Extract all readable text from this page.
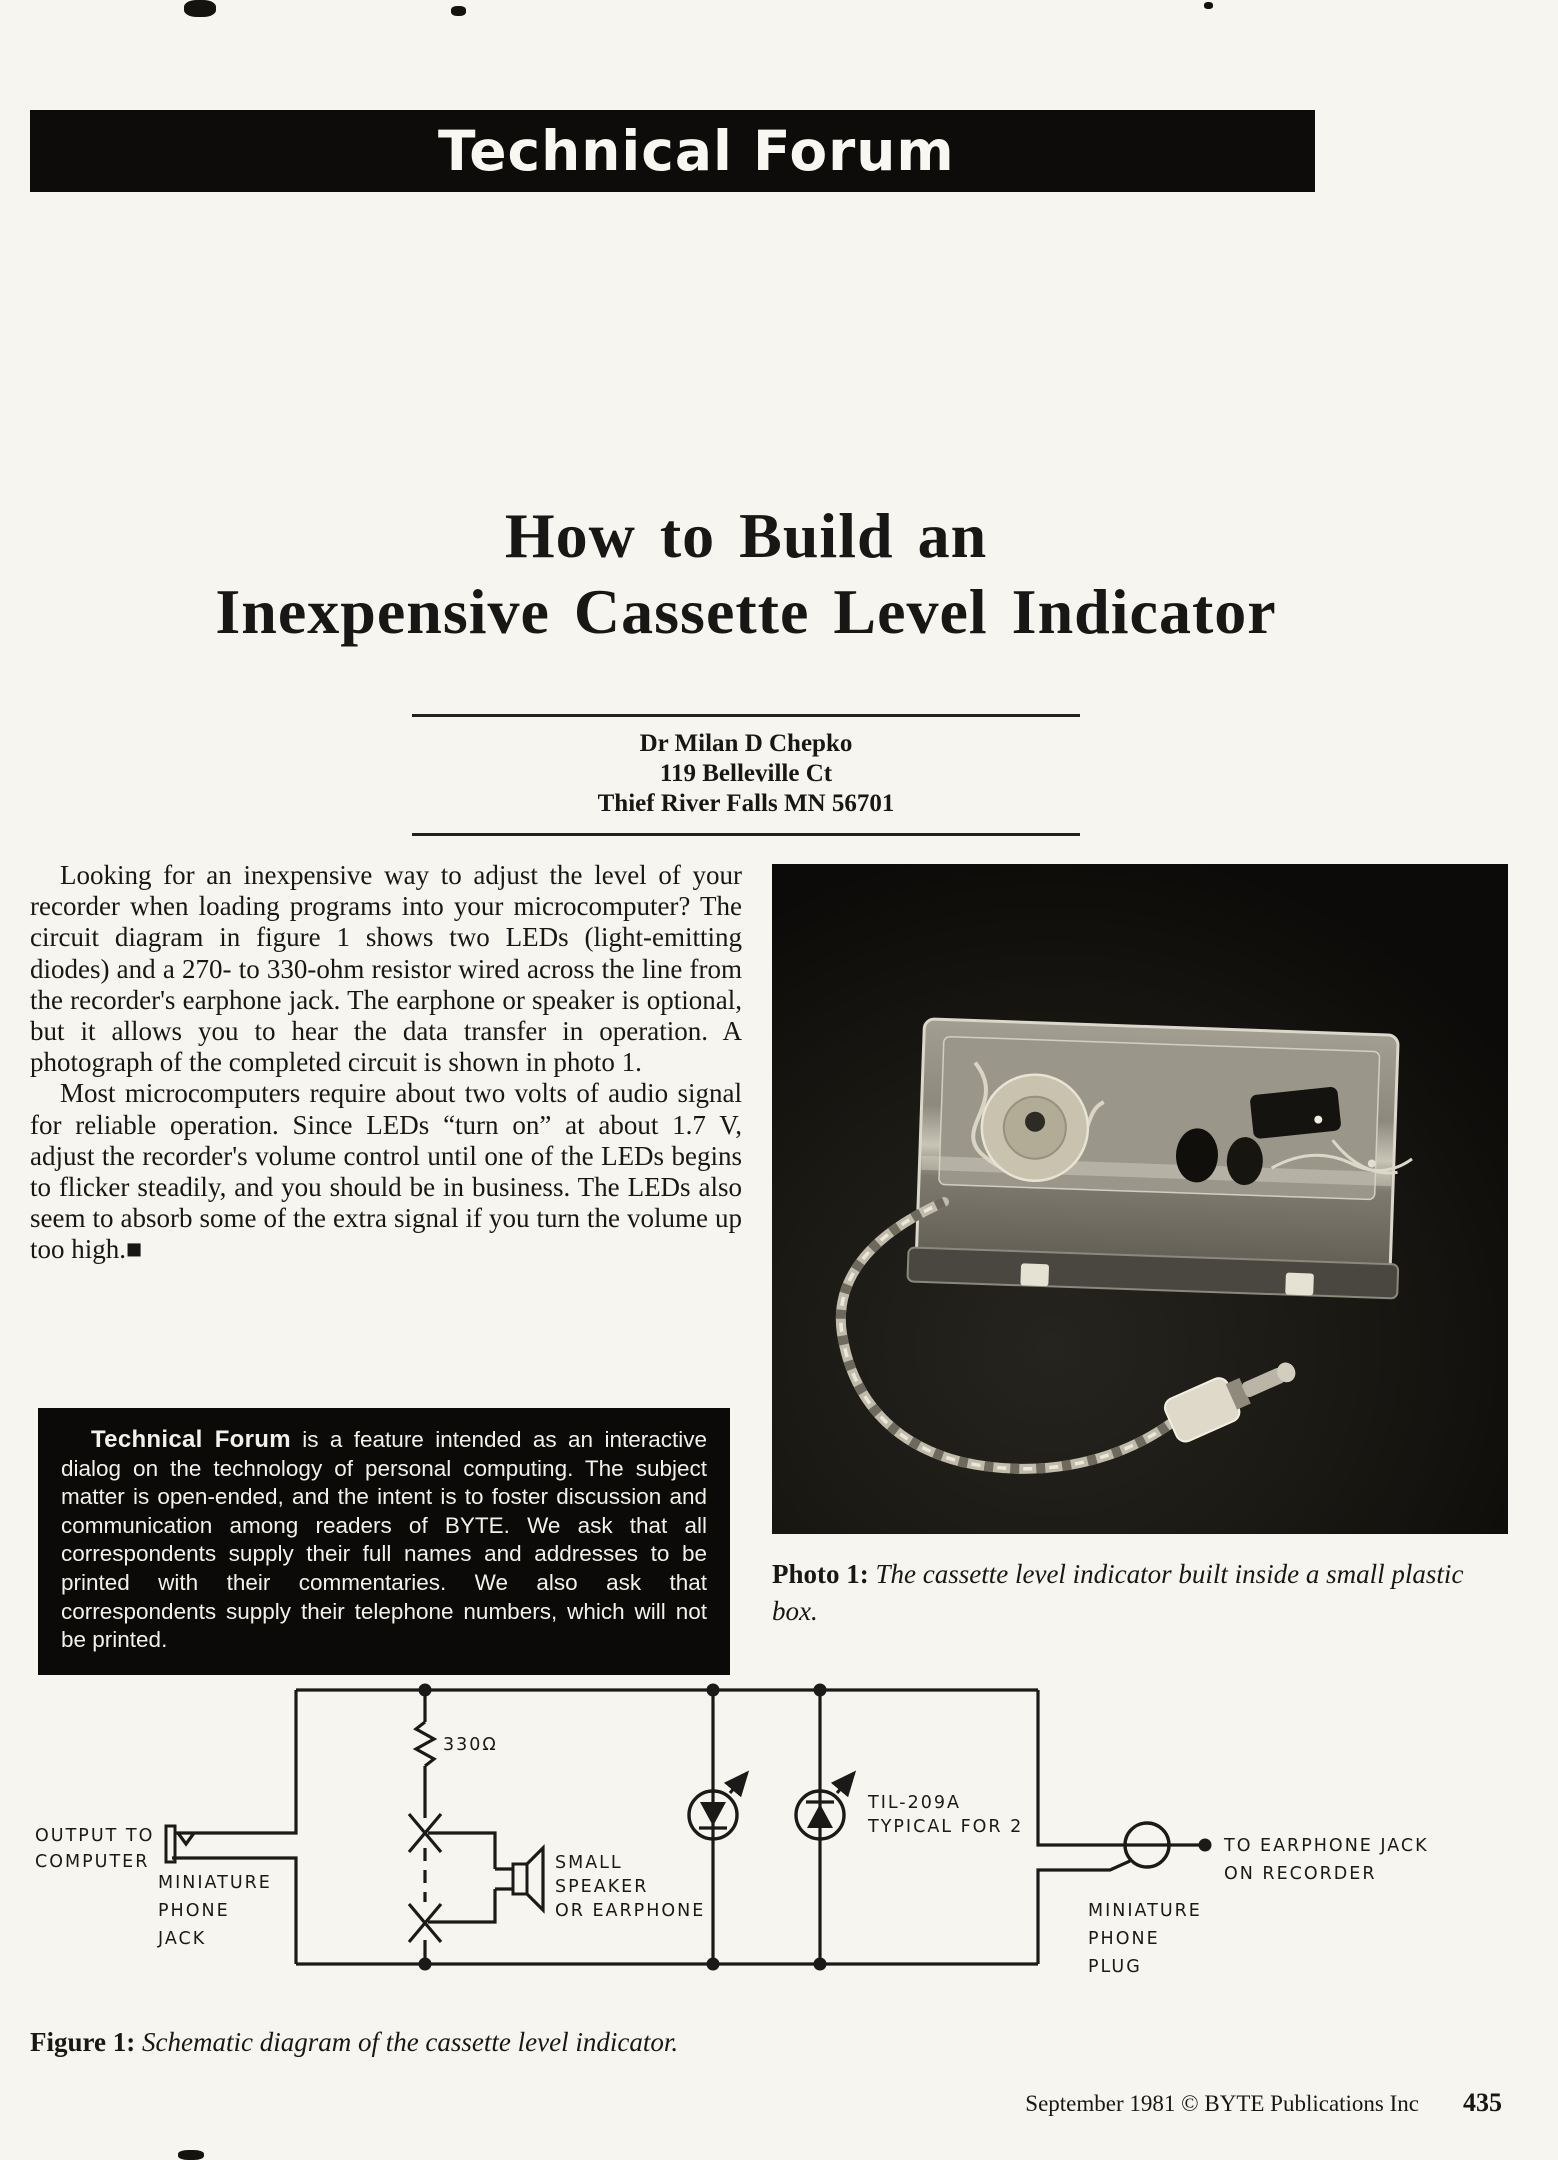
Technical Forum
How to Build an
Inexpensive Cassette Level Indicator
Dr Milan D Chepko
119 Belleville Ct
Thief River Falls MN 56701

Looking for an inexpensive way to adjust the level of your recorder when loading programs into your microcomputer? The circuit diagram in figure 1 shows two LEDs (light-emitting diodes) and a 270- to 330-ohm resistor wired across the line from the recorder's earphone jack. The earphone or speaker is optional, but it allows you to hear the data transfer in operation. A photograph of the completed circuit is shown in photo 1.

Most microcomputers require about two volts of audio signal for reliable operation. Since LEDs “turn on” at about 1.7 V, adjust the recorder's volume control until one of the LEDs begins to flicker steadily, and you should be in business. The LEDs also seem to absorb some of the extra signal if you turn the volume up too high.■

Technical Forum is a feature intended as an interactive dialog on the technology of personal computing. The subject matter is open-ended, and the intent is to foster discussion and communication among readers of BYTE. We ask that all correspondents supply their full names and addresses to be printed with their commentaries. We also ask that correspondents supply their telephone numbers, which will not be printed.

Photo 1: The cassette level indicator built inside a small plastic box.
330Ω
OUTPUT TO
COMPUTER
MINIATURE
PHONE
JACK
SMALL
SPEAKER
OR EARPHONE
TIL-209A
TYPICAL FOR 2
TO EARPHONE JACK
ON RECORDER
MINIATURE
PHONE
PLUG
Figure 1: Schematic diagram of the cassette level indicator.
September 1981 © BYTE Publications Inc 435
